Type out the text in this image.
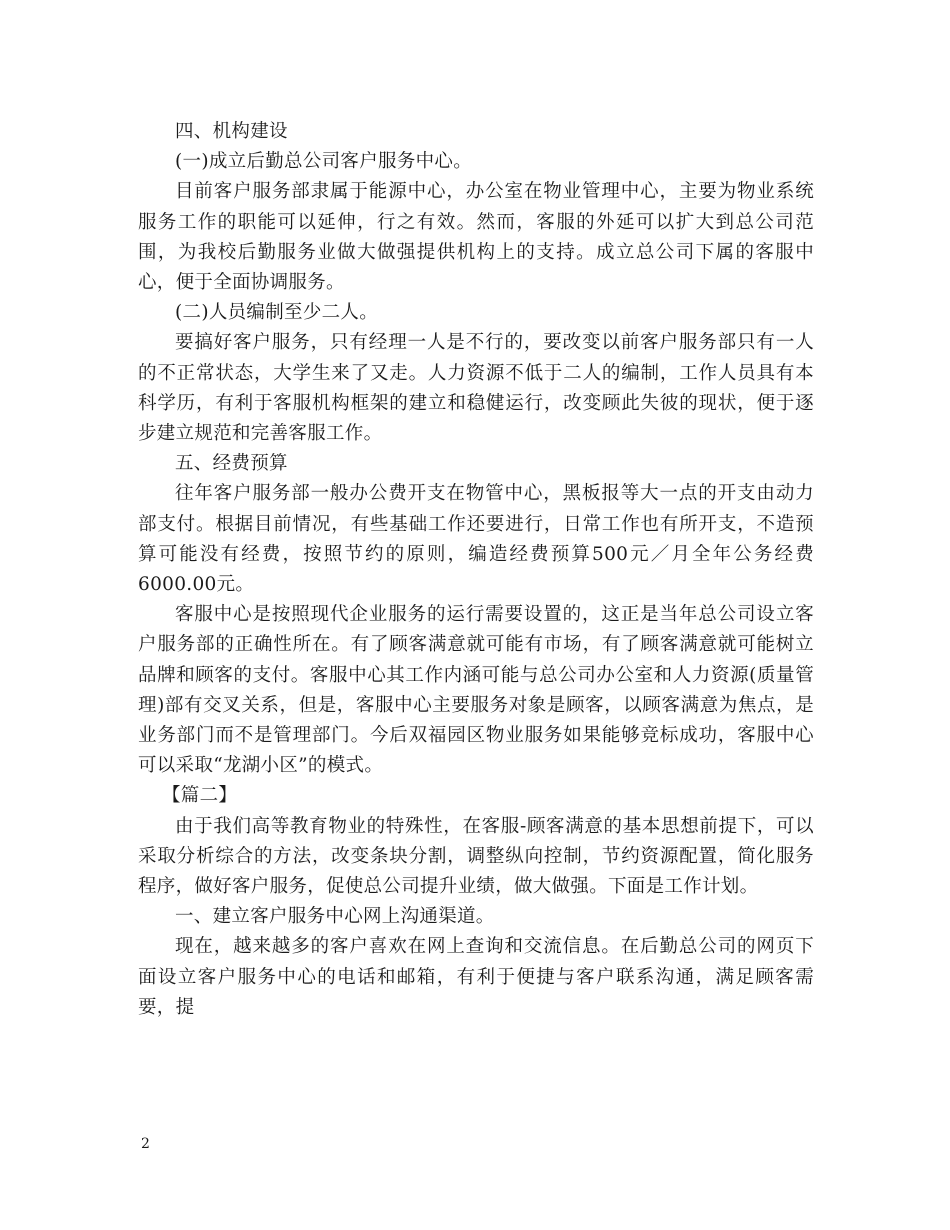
四、机构建设

(一)成立后勤总公司客户服务中心。

目前客户服务部隶属于能源中心，办公室在物业管理中心，主要为物业系统服务工作的职能可以延伸，行之有效。然而，客服的外延可以扩大到总公司范围，为我校后勤服务业做大做强提供机构上的支持。成立总公司下属的客服中心，便于全面协调服务。

(二)人员编制至少二人。

要搞好客户服务，只有经理一人是不行的，要改变以前客户服务部只有一人的不正常状态，大学生来了又走。人力资源不低于二人的编制，工作人员具有本科学历，有利于客服机构框架的建立和稳健运行，改变顾此失彼的现状，便于逐步建立规范和完善客服工作。

五、经费预算

往年客户服务部一般办公费开支在物管中心，黑板报等大一点的开支由动力部支付。根据目前情况，有些基础工作还要进行，日常工作也有所开支，不造预算可能没有经费，按照节约的原则，编造经费预算500元／月全年公务经费6000.00元。

客服中心是按照现代企业服务的运行需要设置的，这正是当年总公司设立客户服务部的正确性所在。有了顾客满意就可能有市场，有了顾客满意就可能树立品牌和顾客的支付。客服中心其工作内涵可能与总公司办公室和人力资源(质量管理)部有交叉关系，但是，客服中心主要服务对象是顾客，以顾客满意为焦点，是业务部门而不是管理部门。今后双福园区物业服务如果能够竞标成功，客服中心可以采取“龙湖小区”的模式。

【篇二】

由于我们高等教育物业的特殊性，在客服-顾客满意的基本思想前提下，可以采取分析综合的方法，改变条块分割，调整纵向控制，节约资源配置，简化服务程序，做好客户服务，促使总公司提升业绩，做大做强。下面是工作计划。

一、建立客户服务中心网上沟通渠道。

现在，越来越多的客户喜欢在网上查询和交流信息。在后勤总公司的网页下面设立客户服务中心的电话和邮箱，有利于便捷与客户联系沟通，满足顾客需要，提

2
